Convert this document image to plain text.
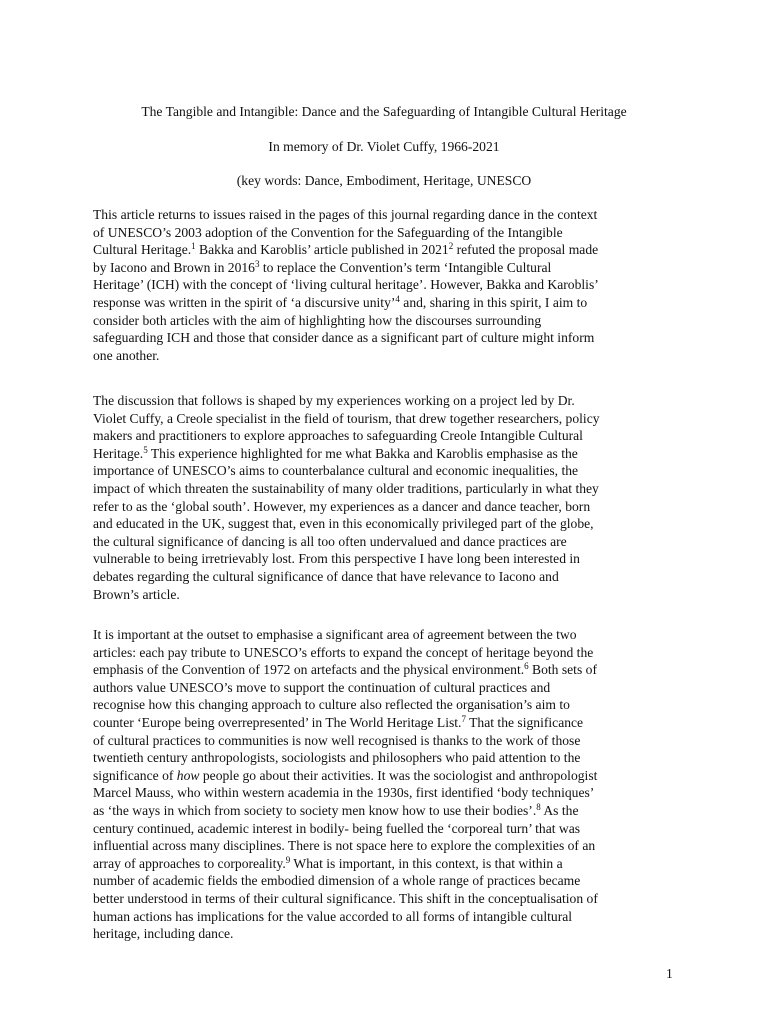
The Tangible and Intangible: Dance and the Safeguarding of Intangible Cultural Heritage
In memory of Dr. Violet Cuffy, 1966-2021
(key words: Dance, Embodiment, Heritage, UNESCO
This article returns to issues raised in the pages of this journal regarding dance in the context
of UNESCO’s 2003 adoption of the Convention for the Safeguarding of the Intangible
Cultural Heritage.$^1$ Bakka and Karoblis’ article published in 2021$^2$ refuted the proposal made
by Iacono and Brown in 2016$^3$ to replace the Convention’s term ‘Intangible Cultural
Heritage’ (ICH) with the concept of ‘living cultural heritage’. However, Bakka and Karoblis’
response was written in the spirit of ‘a discursive unity’$^4$ and, sharing in this spirit, I aim to
consider both articles with the aim of highlighting how the discourses surrounding
safeguarding ICH and those that consider dance as a significant part of culture might inform
one another.
The discussion that follows is shaped by my experiences working on a project led by Dr.
Violet Cuffy, a Creole specialist in the field of tourism, that drew together researchers, policy
makers and practitioners to explore approaches to safeguarding Creole Intangible Cultural
Heritage.$^5$ This experience highlighted for me what Bakka and Karoblis emphasise as the
importance of UNESCO’s aims to counterbalance cultural and economic inequalities, the
impact of which threaten the sustainability of many older traditions, particularly in what they
refer to as the ‘global south’. However, my experiences as a dancer and dance teacher, born
and educated in the UK, suggest that, even in this economically privileged part of the globe,
the cultural significance of dancing is all too often undervalued and dance practices are
vulnerable to being irretrievably lost. From this perspective I have long been interested in
debates regarding the cultural significance of dance that have relevance to Iacono and
Brown’s article.
It is important at the outset to emphasise a significant area of agreement between the two
articles: each pay tribute to UNESCO’s efforts to expand the concept of heritage beyond the
emphasis of the Convention of 1972 on artefacts and the physical environment.$^6$ Both sets of
authors value UNESCO’s move to support the continuation of cultural practices and
recognise how this changing approach to culture also reflected the organisation’s aim to
counter ‘Europe being overrepresented’ in The World Heritage List.$^7$ That the significance
of cultural practices to communities is now well recognised is thanks to the work of those
twentieth century anthropologists, sociologists and philosophers who paid attention to the
significance of how people go about their activities. It was the sociologist and anthropologist
Marcel Mauss, who within western academia in the 1930s, first identified ‘body techniques’
as ‘the ways in which from society to society men know how to use their bodies’.$^8$ As the
century continued, academic interest in bodily- being fuelled the ‘corporeal turn’ that was
influential across many disciplines. There is not space here to explore the complexities of an
array of approaches to corporeality.$^9$ What is important, in this context, is that within a
number of academic fields the embodied dimension of a whole range of practices became
better understood in terms of their cultural significance. This shift in the conceptualisation of
human actions has implications for the value accorded to all forms of intangible cultural
heritage, including dance.
1
